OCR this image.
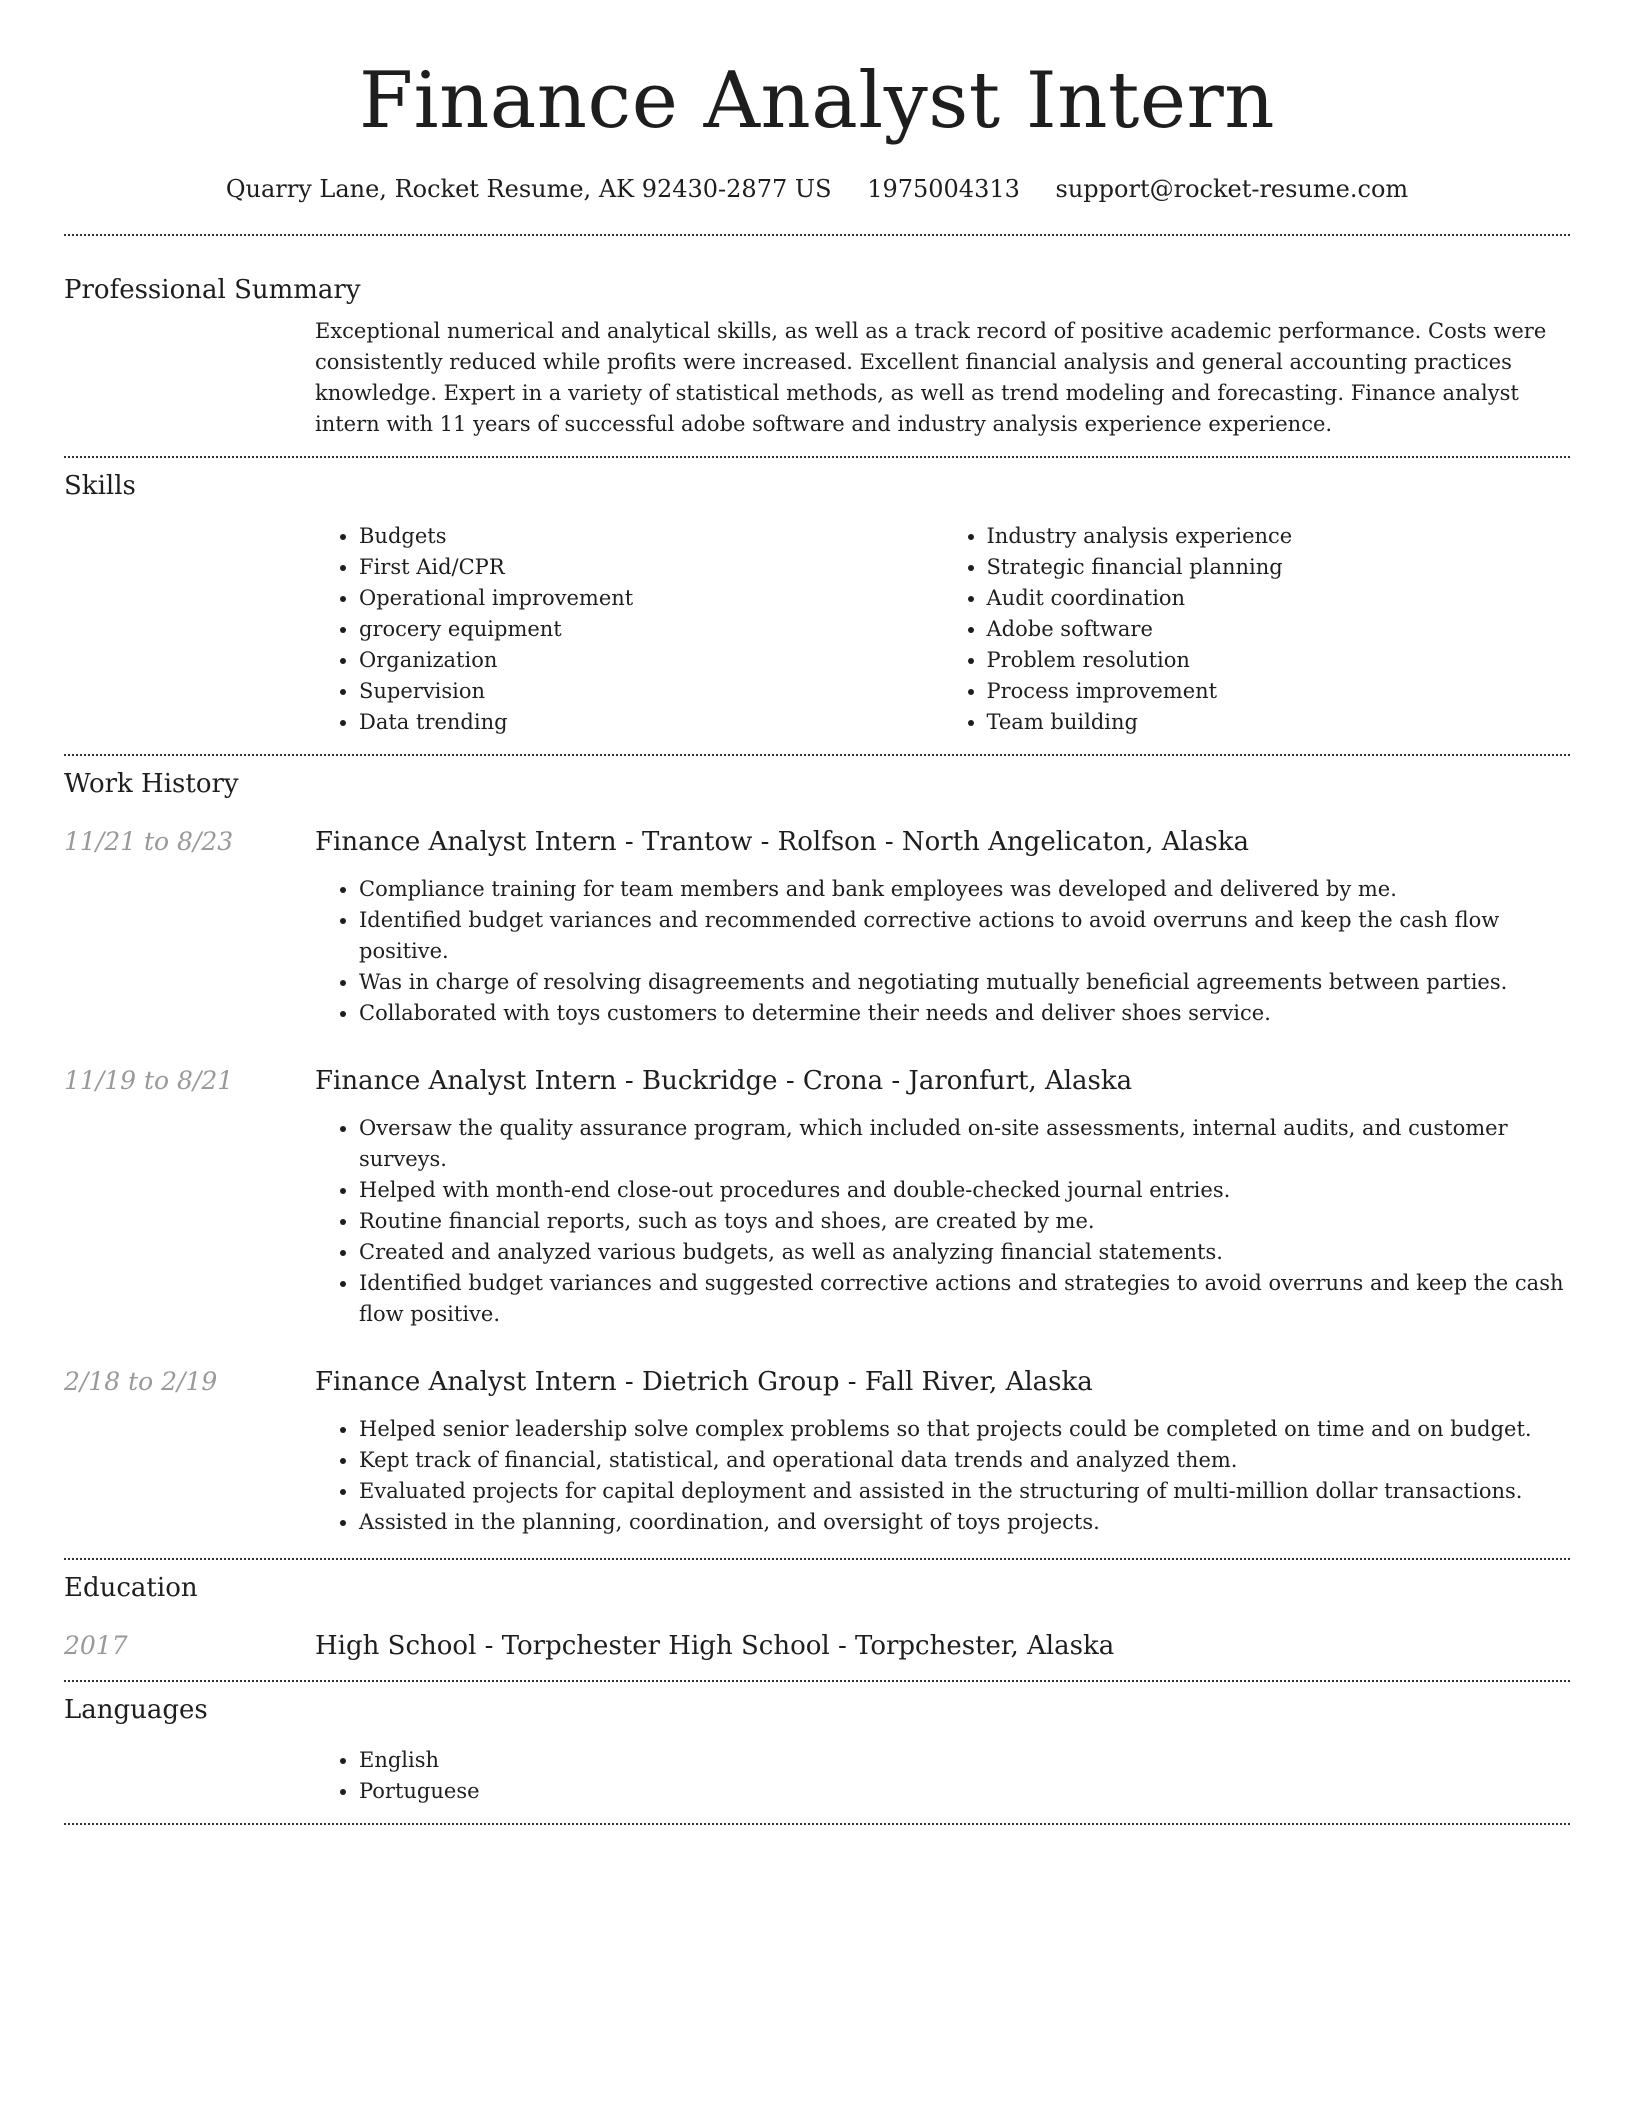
Finance Analyst Intern
Quarry Lane, Rocket Resume, AK 92430-2877 US 1975004313 support@rocket-resume.com
Professional Summary
Exceptional numerical and analytical skills, as well as a track record of positive academic performance. Costs were consistently reduced while profits were increased. Excellent financial analysis and general accounting practices knowledge. Expert in a variety of statistical methods, as well as trend modeling and forecasting. Finance analyst intern with 11 years of successful adobe software and industry analysis experience experience.
Skills
• Budgets
• First Aid/CPR
• Operational improvement
• grocery equipment
• Organization
• Supervision
• Data trending
• Industry analysis experience
• Strategic financial planning
• Audit coordination
• Adobe software
• Problem resolution
• Process improvement
• Team building
Work History
11/21 to 8/23	Finance Analyst Intern - Trantow - Rolfson - North Angelicaton, Alaska
• Compliance training for team members and bank employees was developed and delivered by me.
• Identified budget variances and recommended corrective actions to avoid overruns and keep the cash flow positive.
• Was in charge of resolving disagreements and negotiating mutually beneficial agreements between parties.
• Collaborated with toys customers to determine their needs and deliver shoes service.
11/19 to 8/21	Finance Analyst Intern - Buckridge - Crona - Jaronfurt, Alaska
• Oversaw the quality assurance program, which included on-site assessments, internal audits, and customer surveys.
• Helped with month-end close-out procedures and double-checked journal entries.
• Routine financial reports, such as toys and shoes, are created by me.
• Created and analyzed various budgets, as well as analyzing financial statements.
• Identified budget variances and suggested corrective actions and strategies to avoid overruns and keep the cash flow positive.
2/18 to 2/19	Finance Analyst Intern - Dietrich Group - Fall River, Alaska
• Helped senior leadership solve complex problems so that projects could be completed on time and on budget.
• Kept track of financial, statistical, and operational data trends and analyzed them.
• Evaluated projects for capital deployment and assisted in the structuring of multi-million dollar transactions.
• Assisted in the planning, coordination, and oversight of toys projects.
Education
2017	High School - Torpchester High School - Torpchester, Alaska
Languages
• English
• Portuguese
